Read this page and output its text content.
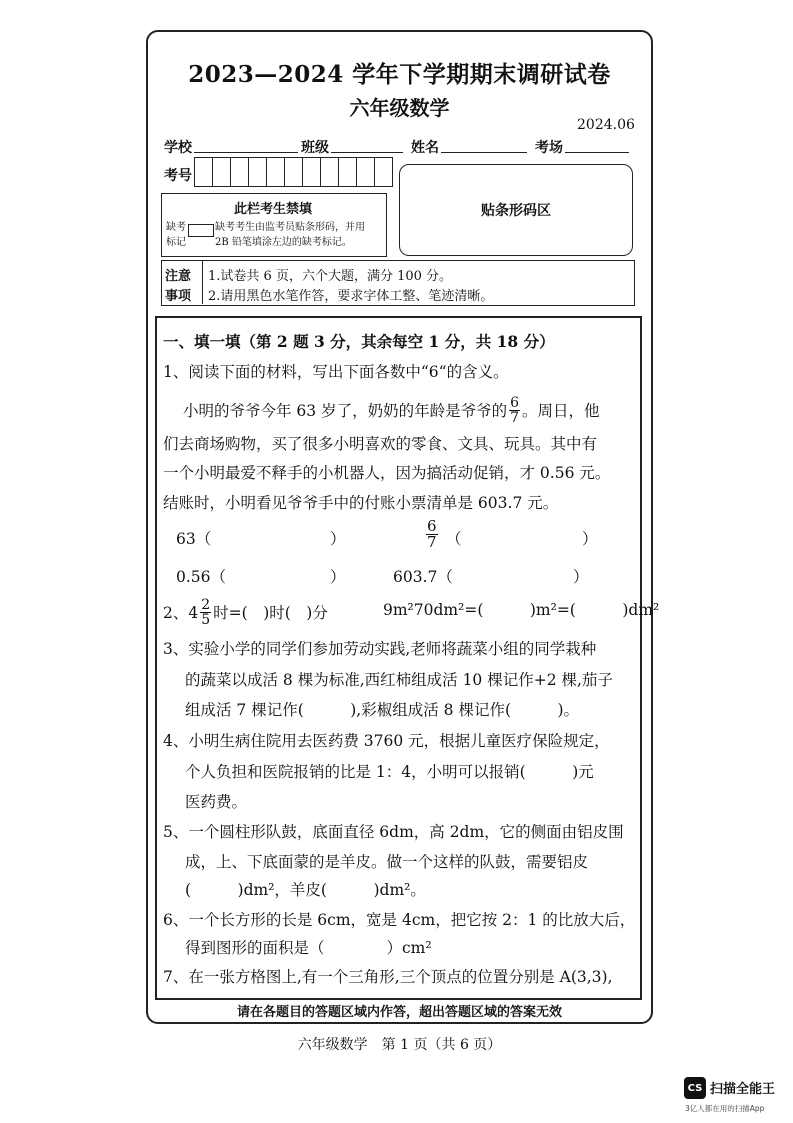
2023—2024 学年下学期期末调研试卷
六年级数学
2024.06
学校	班级	姓名	考场
考号
贴条形码区
此栏考生禁填
缺考
标记
缺考考生由监考员贴条形码，并用
2B 铅笔填涂左边的缺考标记。
注意
事项
1.试卷共 6 页，六个大题，满分 100 分。
2.请用黑色水笔作答，要求字体工整、笔迹清晰。
一、填一填（第 2 题 3 分，其余每空 1 分，共 18 分）
1、阅读下面的材料，写出下面各数中“6“的含义。
小明的爷爷今年 63 岁了，奶奶的年龄是爷爷的 $\frac{6}{7}$ 。周日，他
们去商场购物，买了很多小明喜欢的零食、文具、玩具。其中有
一个小明最爱不释手的小机器人，因为搞活动促销，才 0.56 元。
结账时，小明看见爷爷手中的付账小票清单是 603.7 元。
63（	）	$\frac{6}{7}$ （	）
0.56（	）	603.7（	）
2、$4 \frac{2}{5}$ 时=(　)时(　)分	9m²70dm²=(　　　)m²=(　　　)dm²
3、实验小学的同学们参加劳动实践,老师将蔬菜小组的同学栽种
的蔬菜以成活 8 棵为标准,西红柿组成活 10 棵记作+2 棵,茄子
组成活 7 棵记作(　　　),彩椒组成活 8 棵记作(　　　)。
4、小明生病住院用去医药费 3760 元，根据儿童医疗保险规定，
个人负担和医院报销的比是 1：4，小明可以报销(　　　)元
医药费。
5、一个圆柱形队鼓，底面直径 6dm，高 2dm，它的侧面由铝皮围
成，上、下底面蒙的是羊皮。做一个这样的队鼓，需要铝皮
(　　　)dm²，羊皮(　　　)dm²。
6、一个长方形的长是 6cm，宽是 4cm，把它按 2：1 的比放大后，
得到图形的面积是（　　　　）cm²
7、在一张方格图上,有一个三角形,三个顶点的位置分别是 A(3,3),
请在各题目的答题区域内作答，超出答题区域的答案无效
六年级数学　第 1 页（共 6 页）
CS 扫描全能王
3亿人都在用的扫描App
